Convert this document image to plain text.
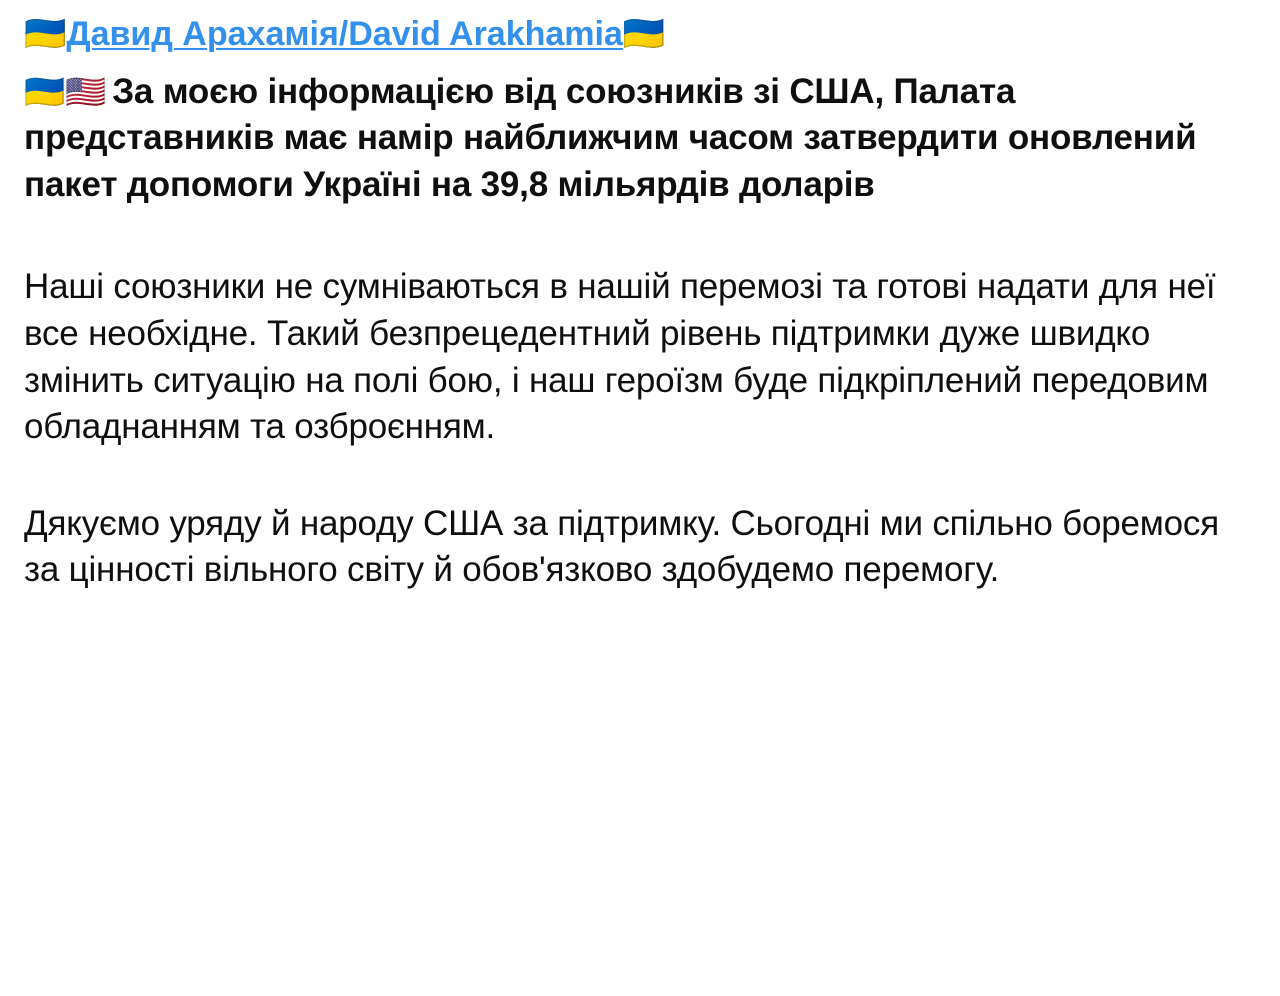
🇺🇦Давид Арахамія/David Arakhamia🇺🇦

🇺🇦🇺🇸 За моєю інформацією від союзників зі США, Палата представників має намір найближчим часом затвердити оновлений пакет допомоги Україні на 39,8 мільярдів доларів

Наші союзники не сумніваються в нашій перемозі та готові надати для неї все необхідне. Такий безпрецедентний рівень підтримки дуже швидко змінить ситуацію на полі бою, і наш героїзм буде підкріплений передовим обладнанням та озброєнням.

Дякуємо уряду й народу США за підтримку. Сьогодні ми спільно боремося за цінності вільного світу й обов'язково здобудемо перемогу.
